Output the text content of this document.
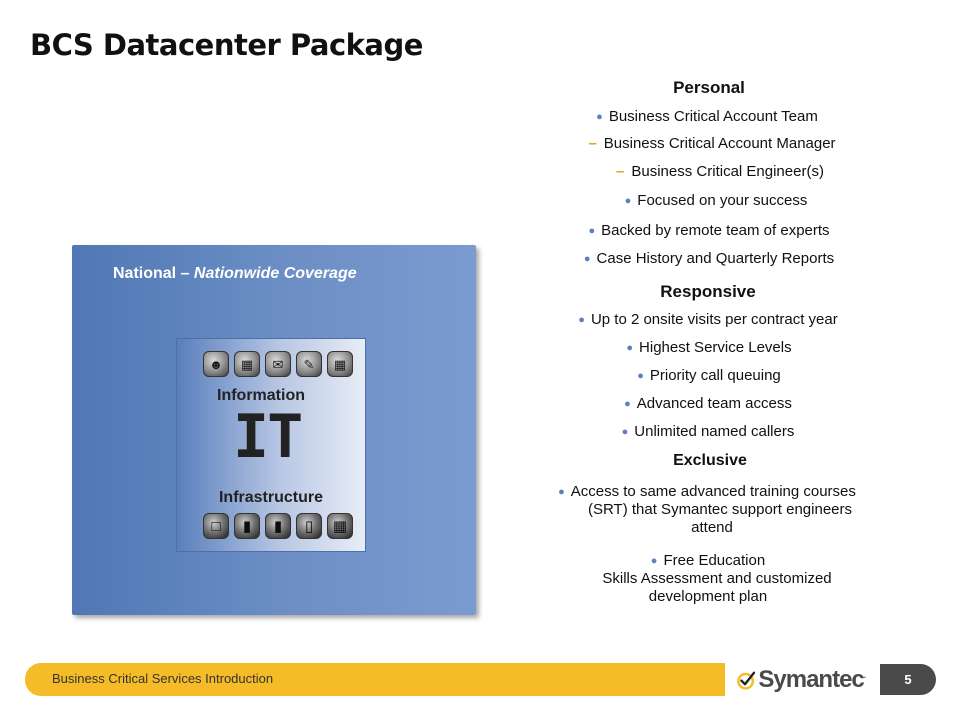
BCS Datacenter Package
National – Nationwide Coverage
☻	▦	✉	✎	▦
Information
IT
Infrastructure
□	▮	▮	▯	▦
Personal
● Business Critical Account Team
– Business Critical Account Manager
– Business Critical Engineer(s)
● Focused on your success
● Backed by remote team of experts
● Case History and Quarterly Reports
Responsive
● Up to 2 onsite visits per contract year
● Highest Service Levels
● Priority call queuing
● Advanced team access
● Unlimited named callers
Exclusive
● Access to same advanced training courses
(SRT) that Symantec support engineers
attend
● Free Education
Skills Assessment and customized
development plan
Business Critical Services Introduction	Symantec.	5
